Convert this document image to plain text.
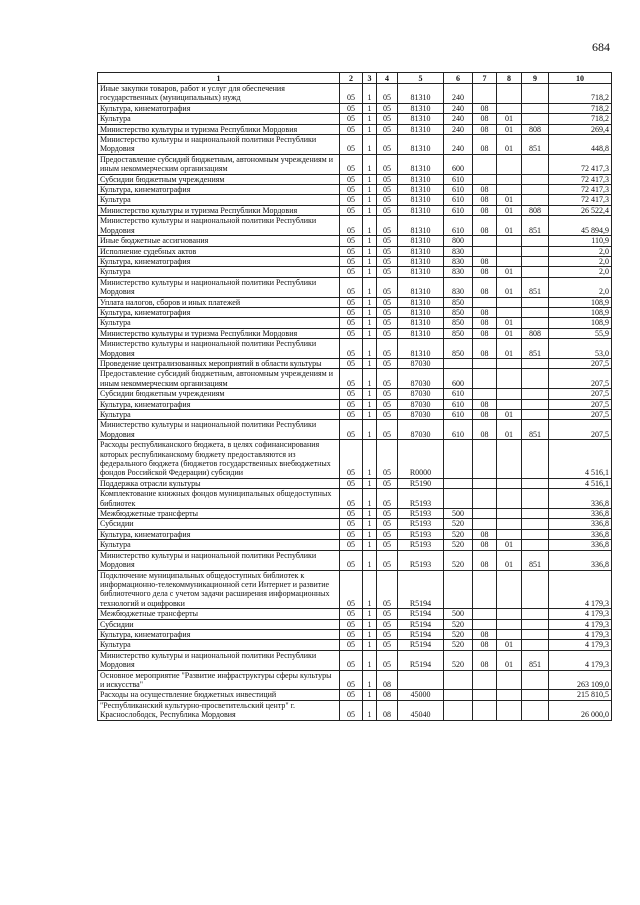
684
1	2	3	4	5	6	7	8	9	10
Иные закупки товаров, работ и услуг для обеспечения государственных (муниципальных) нужд	05	1	05	81310	240				718,2
Культура, кинематография	05	1	05	81310	240	08			718,2
Культура	05	1	05	81310	240	08	01		718,2
Министерство культуры и туризма Республики Мордовия	05	1	05	81310	240	08	01	808	269,4
Министерство культуры и национальной политики Республики Мордовия	05	1	05	81310	240	08	01	851	448,8
Предоставление субсидий бюджетным, автономным учреждениям и иным некоммерческим организациям	05	1	05	81310	600				72 417,3
Субсидии бюджетным учреждениям	05	1	05	81310	610				72 417,3
Культура, кинематография	05	1	05	81310	610	08			72 417,3
Культура	05	1	05	81310	610	08	01		72 417,3
Министерство культуры и туризма Республики Мордовия	05	1	05	81310	610	08	01	808	26 522,4
Министерство культуры и национальной политики Республики Мордовия	05	1	05	81310	610	08	01	851	45 894,9
Иные бюджетные ассигнования	05	1	05	81310	800				110,9
Исполнение судебных актов	05	1	05	81310	830				2,0
Культура, кинематография	05	1	05	81310	830	08			2,0
Культура	05	1	05	81310	830	08	01		2,0
Министерство культуры и национальной политики Республики Мордовия	05	1	05	81310	830	08	01	851	2,0
Уплата налогов, сборов и иных платежей	05	1	05	81310	850				108,9
Культура, кинематография	05	1	05	81310	850	08			108,9
Культура	05	1	05	81310	850	08	01		108,9
Министерство культуры и туризма Республики Мордовия	05	1	05	81310	850	08	01	808	55,9
Министерство культуры и национальной политики Республики Мордовия	05	1	05	81310	850	08	01	851	53,0
Проведение централизованных мероприятий в области культуры	05	1	05	87030					207,5
Предоставление субсидий бюджетным, автономным учреждениям и иным некоммерческим организациям	05	1	05	87030	600				207,5
Субсидии бюджетным учреждениям	05	1	05	87030	610				207,5
Культура, кинематография	05	1	05	87030	610	08			207,5
Культура	05	1	05	87030	610	08	01		207,5
Министерство культуры и национальной политики Республики Мордовия	05	1	05	87030	610	08	01	851	207,5
Расходы республиканского бюджета, в целях софинансирования которых республиканскому бюджету предоставляются из федерального бюджета (бюджетов государственных внебюджетных фондов Российской Федерации) субсидии	05	1	05	R0000					4 516,1
Поддержка отрасли культуры	05	1	05	R5190					4 516,1
Комплектование книжных фондов муниципальных общедоступных библиотек	05	1	05	R5193					336,8
Межбюджетные трансферты	05	1	05	R5193	500				336,8
Субсидии	05	1	05	R5193	520				336,8
Культура, кинематография	05	1	05	R5193	520	08			336,8
Культура	05	1	05	R5193	520	08	01		336,8
Министерство культуры и национальной политики Республики Мордовия	05	1	05	R5193	520	08	01	851	336,8
Подключение муниципальных общедоступных библиотек к информационно-телекоммуникационной сети Интернет и развитие библиотечного дела с учетом задачи расширения информационных технологий и оцифровки	05	1	05	R5194					4 179,3
Межбюджетные трансферты	05	1	05	R5194	500				4 179,3
Субсидии	05	1	05	R5194	520				4 179,3
Культура, кинематография	05	1	05	R5194	520	08			4 179,3
Культура	05	1	05	R5194	520	08	01		4 179,3
Министерство культуры и национальной политики Республики Мордовия	05	1	05	R5194	520	08	01	851	4 179,3
Основное мероприятие "Развитие инфраструктуры сферы культуры и искусства"	05	1	08						263 109,0
Расходы на осуществление бюджетных инвестиций	05	1	08	45000					215 810,5
"Республиканский культурно-просветительский центр" г. Краснослободск, Республика Мордовия	05	1	08	45040					26 000,0
